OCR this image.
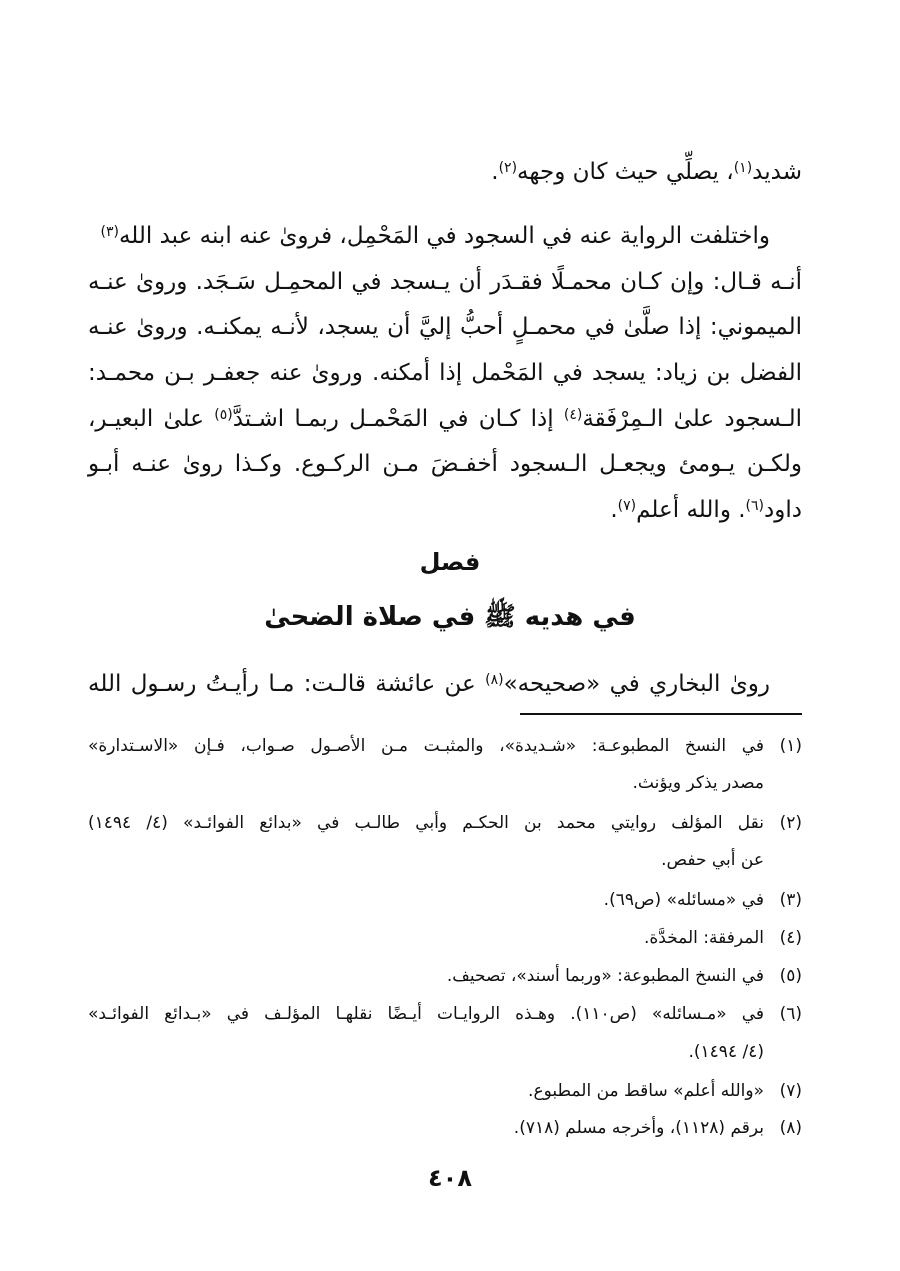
شديد$^{(١)}$، يصلِّي حيث كان وجهه$^{(٢)}$.
واختلفت الرواية عنه في السجود في المَحْمِل، فروىٰ عنه ابنه عبد الله$^{(٣)}$
أنـه قـال: وإن كـان محمـلًا فقـدَر أن يـسجد في المحمِـل سَـجَد. وروىٰ عنـه
الميموني: إذا صلَّىٰ في محمـلٍ أحبُّ إليَّ أن يسجد، لأنـه يمكنـه. وروىٰ عنـه
الفضل بن زياد: يسجد في المَحْمل إذا أمكنه. وروىٰ عنه جعفـر بـن محمـد:
الـسجود علىٰ الـمِرْفَقة$^{(٤)}$ إذا كـان في المَحْمـل ربمـا اشـتدَّ$^{(٥)}$ علىٰ البعيـر،
ولكـن يـومئ ويجعـل الـسجود أخفـضَ مـن الركـوع. وكـذا روىٰ عنـه أبـو
داود$^{(٦)}$. والله أعلم$^{(٧)}$.
فصل
في هديه ﷺ في صلاة الضحىٰ
روىٰ البخاري في «صحيحه»$^{(٨)}$ عن عائشة قالـت: مـا رأيـتُ رسـول الله
(١)
في النسخ المطبوعـة: «شـديدة»، والمثبـت مـن الأصـول صـواب، فـإن «الاسـتدارة»
مصدر يذكر ويؤنث.
(٢)
نقل المؤلف روايتي محمد بن الحكـم وأبي طالـب في «بدائع الفوائـد» (٤/ ١٤٩٤)
عن أبي حفص.
(٣)
في «مسائله» (ص٦٩).
(٤)
المرفقة: المخدَّة.
(٥)
في النسخ المطبوعة: «وربما أسند»، تصحيف.
(٦)
في «مـسائله» (ص١١٠). وهـذه الروايـات أيـضًا نقلهـا المؤلـف في «بـدائع الفوائـد»
(٤/ ١٤٩٤).
(٧)
«والله أعلم» ساقط من المطبوع.
(٨)
برقم (١١٢٨)، وأخرجه مسلم (٧١٨).
٤٠٨
